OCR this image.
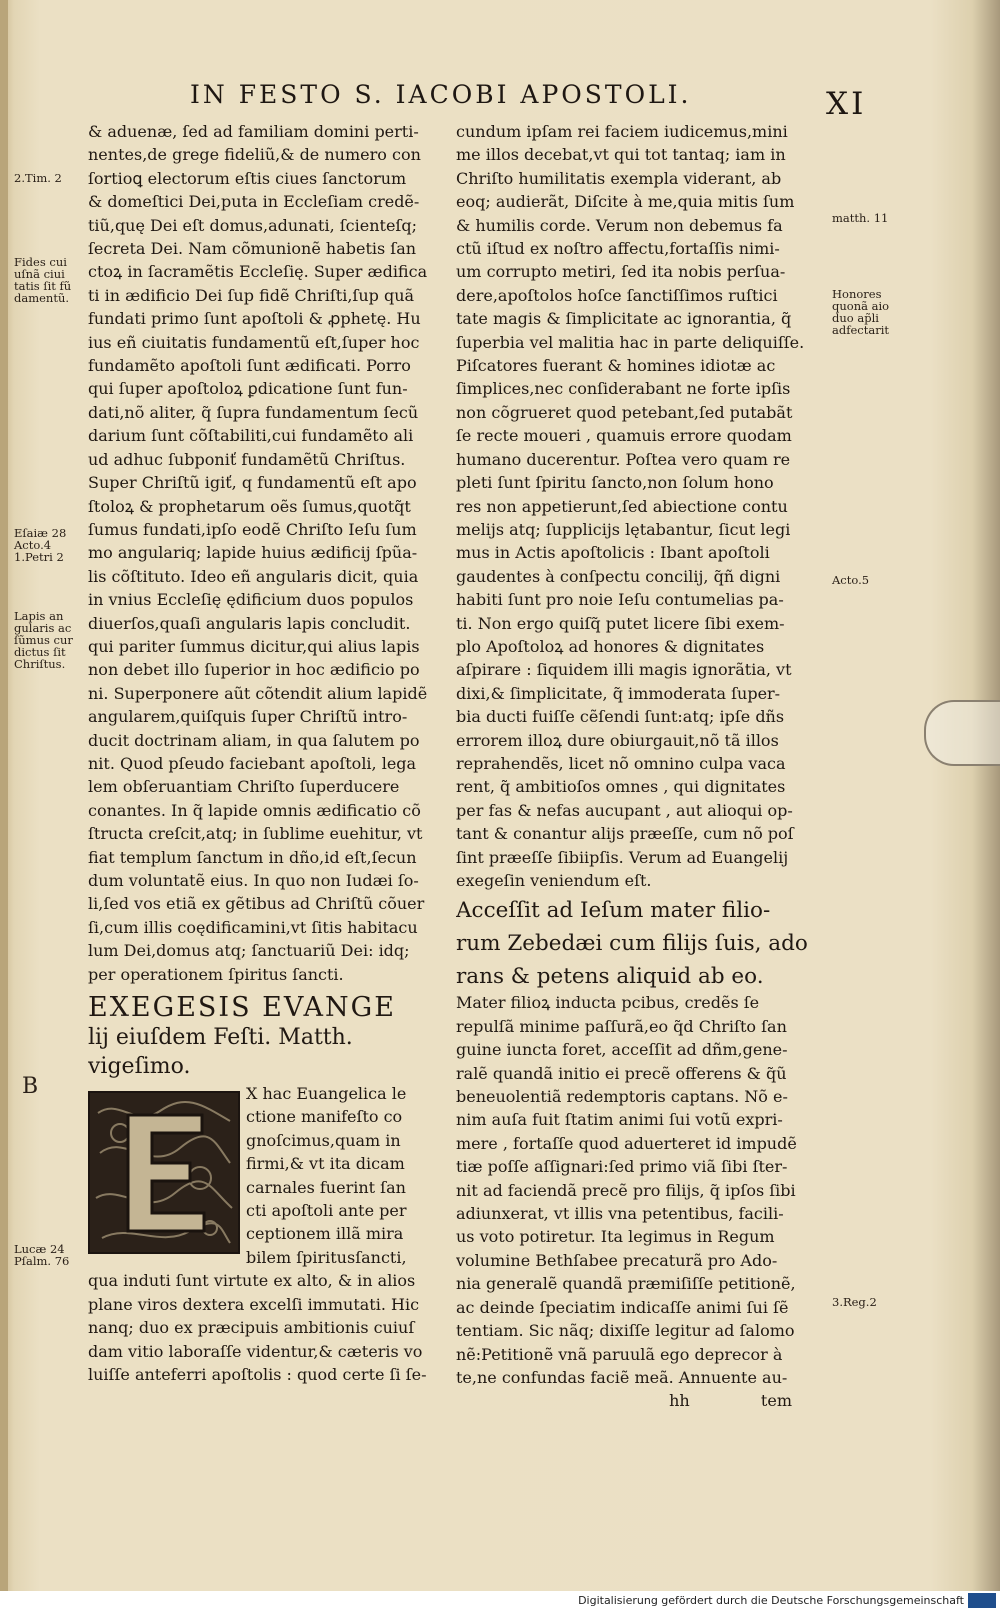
IN FESTO S. IACOBI APOSTOLI.	XI

& aduenæ, ſed ad familiam domini perti-

nentes,de grege fideliũ,& de numero con

ſortioꝗ electorum eſtis ciues ſanctorum

& domeſtici Dei,puta in Eccleſiam credẽ-

tiũ,quę Dei eſt domus,adunati, ſcienteſq;

ſecreta Dei. Nam cõmunionẽ habetis ſan

ctoꝝ in ſacramẽtis Eccleſię. Super ædifica

ti in ædificio Dei ſup fidẽ Chriſti,ſup quã

fundati primo ſunt apoſtoli & ꝓphetę. Hu

ius eñ ciuitatis fundamentũ eſt,ſuper hoc

fundamẽto apoſtoli ſunt ædificati. Porro

qui ſuper apoſtoloꝝ ꝑdicatione ſunt fun-

dati,nõ aliter, q̃ ſupra fundamentum ſecũ

darium ſunt cõſtabiliti,cui fundamẽto ali

ud adhuc ſubponiť fundamẽtũ Chriſtus.

Super Chriſtũ igiť, q fundamentũ eſt apo

ſtoloꝝ & prophetarum oẽs ſumus,quotq̃t

ſumus fundati,ipſo eodẽ Chriſto Ieſu ſum

mo angulariq; lapide huius ædificij ſpũa-

lis cõſtituto. Ideo eñ angularis dicit, quia

in vnius Eccleſię ędificium duos populos

diuerſos,quaſi angularis lapis concludit.

qui pariter ſummus dicitur,qui alius lapis

non debet illo ſuperior in hoc ædificio po

ni. Superponere aũt cõtendit alium lapidẽ

angularem,quiſquis ſuper Chriſtũ intro-

ducit doctrinam aliam, in qua ſalutem po

nit. Quod pſeudo faciebant apoſtoli, lega

lem obſeruantiam Chriſto ſuperducere

conantes. In q̃ lapide omnis ædificatio cõ

ſtructa creſcit,atq; in ſublime euehitur, vt

fiat templum ſanctum in dño,id eſt,ſecun

dum voluntatẽ eius. In quo non Iudæi ſo-

li,ſed vos etiã ex gẽtibus ad Chriſtũ cõuer

ſi,cum illis coędificamini,vt ſitis habitacu

lum Dei,domus atq; ſanctuariũ Dei: idq;

per operationem ſpiritus ſancti.

EXEGESIS EVANGE

lij eiuſdem Feſti. Matth.

vigeſimo.

X hac Euangelica le

ctione manifeſto co

gnoſcimus,quam in

firmi,& vt ita dicam

carnales fuerint ſan

cti apoſtoli ante per

ceptionem illã mira

bilem ſpiritusſancti,

qua induti ſunt virtute ex alto, & in alios

plane viros dextera excelſi immutati. Hic

nanq; duo ex præcipuis ambitionis cuiuſ

dam vitio laboraſſe videntur,& cæteris vo

luiſſe anteferri apoſtolis : quod certe ſi ſe-

cundum ipſam rei faciem iudicemus,mini

me illos decebat,vt qui tot tantaq; iam in

Chriſto humilitatis exempla viderant, ab

eoq; audierãt, Diſcite à me,quia mitis ſum

& humilis corde. Verum non debemus fa

ctũ iſtud ex noſtro affectu,fortaſſis nimi-

um corrupto metiri, ſed ita nobis perſua-

dere,apoſtolos hoſce ſanctiſſimos ruſtici

tate magis & ſimplicitate ac ignorantia, q̃

ſuperbia vel malitia hac in parte deliquiſſe.

Piſcatores fuerant & homines idiotæ ac

ſimplices,nec conſiderabant ne forte ipſis

non cõgrueret quod petebant,ſed putabãt

ſe recte moueri , quamuis errore quodam

humano ducerentur. Poſtea vero quam re

pleti ſunt ſpiritu ſancto,non ſolum hono

res non appetierunt,ſed abiectione contu

melijs atq; ſupplicijs lętabantur, ſicut legi

mus in Actis apoſtolicis : Ibant apoſtoli

gaudentes à conſpectu concilij, q̃ñ digni

habiti ſunt pro noie Ieſu contumelias pa-

ti. Non ergo quiſq̃ putet licere ſibi exem-

plo Apoſtoloꝝ ad honores & dignitates

aſpirare : ſiquidem illi magis ignorãtia, vt

dixi,& ſimplicitate, q̃ immoderata ſuper-

bia ducti fuiſſe cẽſendi ſunt:atq; ipſe dñs

errorem illoꝝ dure obiurgauit,nõ tã illos

reprahendẽs, licet nõ omnino culpa vaca

rent, q̃ ambitioſos omnes , qui dignitates

per fas & nefas aucupant , aut alioqui op-

tant & conantur alijs præeſſe, cum nõ poſ

ſint præeſſe ſibiipſis. Verum ad Euangelij

exegeſin veniendum eſt.

Acceſſit ad Ieſum mater filio-

rum Zebedæi cum filijs ſuis, ado

rans & petens aliquid ab eo.

Mater filioꝝ inducta pcibus, credẽs ſe

repulſã minime paſſurã,eo q̃d Chriſto ſan

guine iuncta foret, acceſſit ad dñm,gene-

ralẽ quandã initio ei precẽ offerens & q̃ũ

beneuolentiã redemptoris captans. Nõ e-

nim auſa fuit ſtatim animi ſui votũ expri-

mere , fortaſſe quod aduerteret id impudẽ

tiæ poſſe aſſignari:ſed primo viã ſibi ſter-

nit ad faciendã precẽ pro filijs, q̃ ipſos ſibi

adiunxerat, vt illis vna petentibus, facili-

us voto potiretur. Ita legimus in Regum

volumine Bethſabee precaturã pro Ado-

nia generalẽ quandã præmiſiſſe petitionẽ,

ac deinde ſpeciatim indicaſſe animi ſui ſẽ

tentiam. Sic nãq; dixiſſe legitur ad ſalomo

nẽ:Petitionẽ vnã paruulã ego deprecor à

te,ne confundas faciẽ meã. Annuente au-

hh	tem

2.Tim. 2
Fides cui
uſnã ciui
tatis ſit fũ
damentũ.
Eſaiæ 28
Acto.4
1.Petri 2
Lapis an
gularis ac
ſũmus cur
dictus ſit
Chriſtus.
B
Lucæ 24
Pſalm. 76
matth. 11
Honores
quonã aio
duo ap̃li
adfectarit
Acto.5
3.Reg.2
Digitalisierung gefördert durch die Deutsche Forschungsgemeinschaft
